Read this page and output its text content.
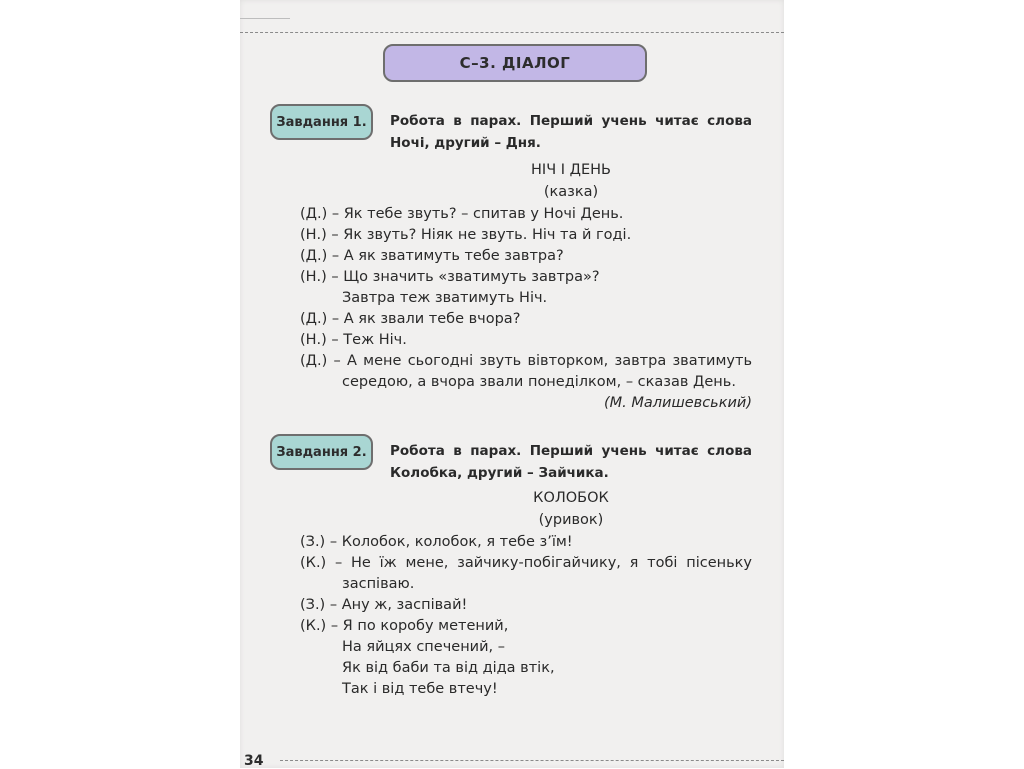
С–3. ДІАЛОГ
Завдання 1.	Робота в парах. Перший учень читає слова Ночі, другий – Дня.
НІЧ І ДЕНЬ
(казка)
(Д.) – Як тебе звуть? – спитав у Ночі День.
(Н.) – Як звуть? Ніяк не звуть. Ніч та й годі.
(Д.) – А як зватимуть тебе завтра?
(Н.) – Що значить «зватимуть завтра»?
Завтра теж зватимуть Ніч.
(Д.) – А як звали тебе вчора?
(Н.) – Теж Ніч.
(Д.) – А мене сьогодні звуть вівторком, завтра зватимуть
середою, а вчора звали понеділком, – сказав День.
(М. Малишевський)
Завдання 2.	Робота в парах. Перший учень читає слова Колобка, другий – Зайчика.
КОЛОБОК
(уривок)
(З.) – Колобок, колобок, я тебе з’їм!
(К.) – Не їж мене, зайчику-побігайчику, я тобі пісеньку
заспіваю.
(З.) – Ану ж, заспівай!
(К.) – Я по коробу метений,
На яйцях спечений, –
Як від баби та від діда втік,
Так і від тебе втечу!
34
